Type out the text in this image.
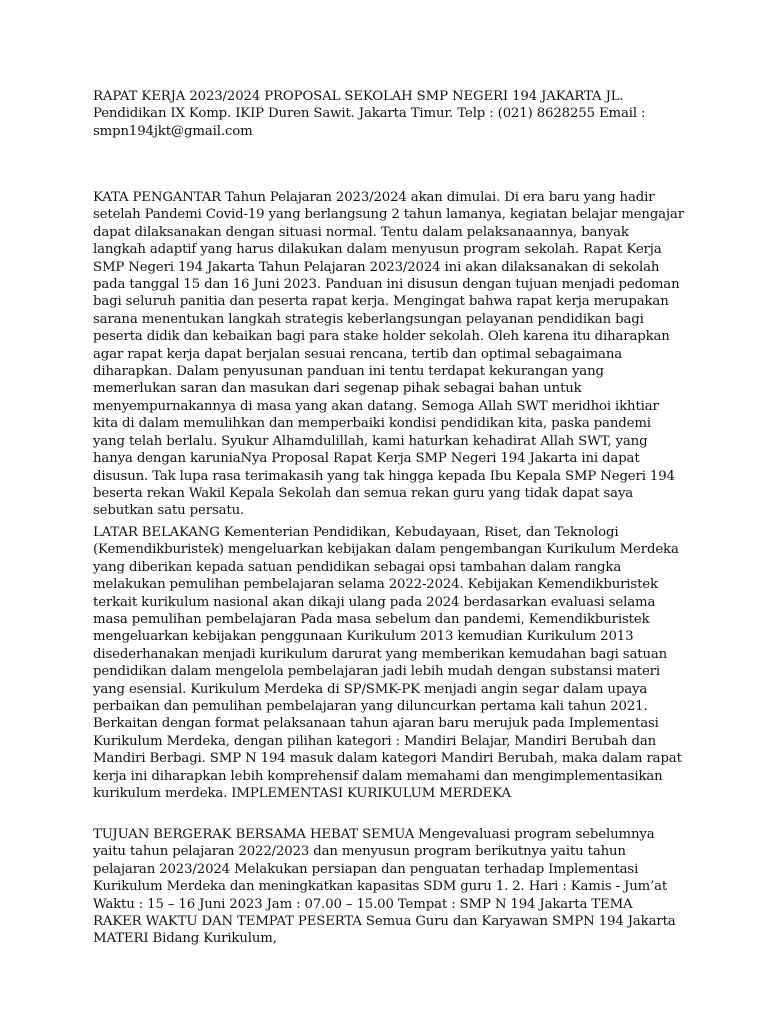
RAPAT KERJA 2023/2024 PROPOSAL SEKOLAH SMP NEGERI 194 JAKARTA JL. Pendidikan IX Komp. IKIP Duren Sawit. Jakarta Timur. Telp : (021) 8628255 Email : smpn194jkt@gmail.com

KATA PENGANTAR Tahun Pelajaran 2023/2024 akan dimulai. Di era baru yang hadir setelah Pandemi Covid-19 yang berlangsung 2 tahun lamanya, kegiatan belajar mengajar dapat dilaksanakan dengan situasi normal. Tentu dalam pelaksanaannya, banyak langkah adaptif yang harus dilakukan dalam menyusun program sekolah. Rapat Kerja SMP Negeri 194 Jakarta Tahun Pelajaran 2023/2024 ini akan dilaksanakan di sekolah pada tanggal 15 dan 16 Juni 2023. Panduan ini disusun dengan tujuan menjadi pedoman bagi seluruh panitia dan peserta rapat kerja. Mengingat bahwa rapat kerja merupakan sarana menentukan langkah strategis keberlangsungan pelayanan pendidikan bagi peserta didik dan kebaikan bagi para stake holder sekolah. Oleh karena itu diharapkan agar rapat kerja dapat berjalan sesuai rencana, tertib dan optimal sebagaimana diharapkan. Dalam penyusunan panduan ini tentu terdapat kekurangan yang memerlukan saran dan masukan dari segenap pihak sebagai bahan untuk menyempurnakannya di masa yang akan datang. Semoga Allah SWT meridhoi ikhtiar kita di dalam memulihkan dan memperbaiki kondisi pendidikan kita, paska pandemi yang telah berlalu. Syukur Alhamdulillah, kami haturkan kehadirat Allah SWT, yang hanya dengan karuniaNya Proposal Rapat Kerja SMP Negeri 194 Jakarta ini dapat disusun. Tak lupa rasa terimakasih yang tak hingga kepada Ibu Kepala SMP Negeri 194 beserta rekan Wakil Kepala Sekolah dan semua rekan guru yang tidak dapat saya sebutkan satu persatu.

LATAR BELAKANG Kementerian Pendidikan, Kebudayaan, Riset, dan Teknologi (Kemendikburistek) mengeluarkan kebijakan dalam pengembangan Kurikulum Merdeka yang diberikan kepada satuan pendidikan sebagai opsi tambahan dalam rangka melakukan pemulihan pembelajaran selama 2022-2024. Kebijakan Kemendikburistek terkait kurikulum nasional akan dikaji ulang pada 2024 berdasarkan evaluasi selama masa pemulihan pembelajaran Pada masa sebelum dan pandemi, Kemendikburistek mengeluarkan kebijakan penggunaan Kurikulum 2013 kemudian Kurikulum 2013 disederhanakan menjadi kurikulum darurat yang memberikan kemudahan bagi satuan pendidikan dalam mengelola pembelajaran jadi lebih mudah dengan substansi materi yang esensial. Kurikulum Merdeka di SP/SMK-PK menjadi angin segar dalam upaya perbaikan dan pemulihan pembelajaran yang diluncurkan pertama kali tahun 2021. Berkaitan dengan format pelaksanaan tahun ajaran baru merujuk pada Implementasi Kurikulum Merdeka, dengan pilihan kategori : Mandiri Belajar, Mandiri Berubah dan Mandiri Berbagi. SMP N 194 masuk dalam kategori Mandiri Berubah, maka dalam rapat kerja ini diharapkan lebih komprehensif dalam memahami dan mengimplementasikan kurikulum merdeka. IMPLEMENTASI KURIKULUM MERDEKA

TUJUAN BERGERAK BERSAMA HEBAT SEMUA Mengevaluasi program sebelumnya yaitu tahun pelajaran 2022/2023 dan menyusun program berikutnya yaitu tahun pelajaran 2023/2024 Melakukan persiapan dan penguatan terhadap Implementasi Kurikulum Merdeka dan meningkatkan kapasitas SDM guru 1. 2. Hari : Kamis - Jum’at Waktu : 15 – 16 Juni 2023 Jam : 07.00 – 15.00 Tempat : SMP N 194 Jakarta TEMA RAKER WAKTU DAN TEMPAT PESERTA Semua Guru dan Karyawan SMPN 194 Jakarta MATERI Bidang Kurikulum,
